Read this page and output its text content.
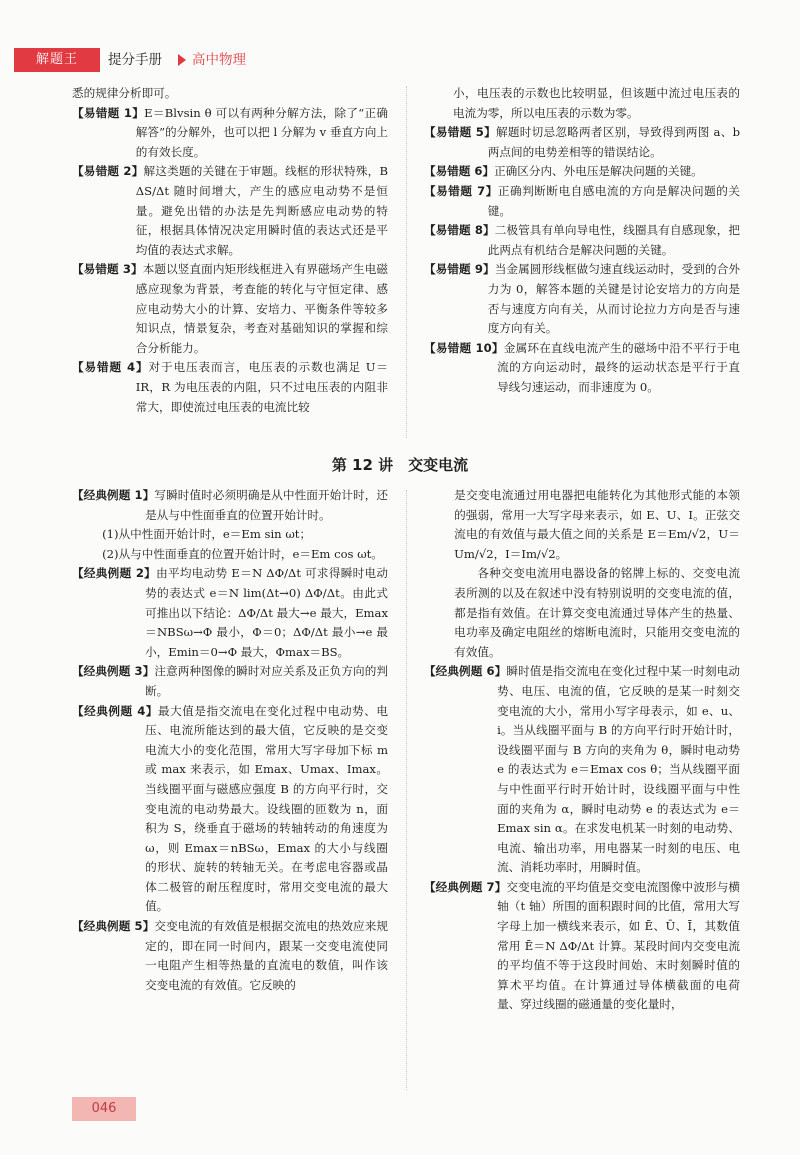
解题王	提分手册 高中物理

悉的规律分析即可。

【易错题 1】E＝Blvsin θ 可以有两种分解方法，除了“正确解答”的分解外，也可以把 l 分解为 v 垂直方向上的有效长度。

【易错题 2】解这类题的关键在于审题。线框的形状特殊，B ΔS/Δt 随时间增大，产生的感应电动势不是恒量。避免出错的办法是先判断感应电动势的特征，根据具体情况决定用瞬时值的表达式还是平均值的表达式求解。

【易错题 3】本题以竖直面内矩形线框进入有界磁场产生电磁感应现象为背景，考查能的转化与守恒定律、感应电动势大小的计算、安培力、平衡条件等较多知识点，情景复杂，考查对基础知识的掌握和综合分析能力。

【易错题 4】对于电压表而言，电压表的示数也满足 U＝IR，R 为电压表的内阻，只不过电压表的内阻非常大，即使流过电压表的电流比较

小，电压表的示数也比较明显，但该题中流过电压表的电流为零，所以电压表的示数为零。

【易错题 5】解题时切忌忽略两者区别，导致得到两图 a、b 两点间的电势差相等的错误结论。

【易错题 6】正确区分内、外电压是解决问题的关键。

【易错题 7】正确判断断电自感电流的方向是解决问题的关键。

【易错题 8】二极管具有单向导电性，线圈具有自感现象，把此两点有机结合是解决问题的关键。

【易错题 9】当金属圆形线框做匀速直线运动时，受到的合外力为 0，解答本题的关键是讨论安培力的方向是否与速度方向有关，从而讨论拉力方向是否与速度方向有关。

【易错题 10】金属环在直线电流产生的磁场中沿不平行于电流的方向运动时，最终的运动状态是平行于直导线匀速运动，而非速度为 0。

第 12 讲　交变电流

【经典例题 1】写瞬时值时必须明确是从中性面开始计时，还是从与中性面垂直的位置开始计时。

(1)从中性面开始计时，e＝Em sin ωt；

(2)从与中性面垂直的位置开始计时，e＝Em cos ωt。

【经典例题 2】由平均电动势 E＝N ΔΦ/Δt 可求得瞬时电动势的表达式 e＝N lim(Δt→0) ΔΦ/Δt。由此式可推出以下结论：ΔΦ/Δt 最大→e 最大，Emax＝NBSω→Φ 最小，Φ＝0；ΔΦ/Δt 最小→e 最小，Emin＝0→Φ 最大，Φmax＝BS。

【经典例题 3】注意两种图像的瞬时对应关系及正负方向的判断。

【经典例题 4】最大值是指交流电在变化过程中电动势、电压、电流所能达到的最大值，它反映的是交变电流大小的变化范围，常用大写字母加下标 m 或 max 来表示，如 Emax、Umax、Imax。当线圈平面与磁感应强度 B 的方向平行时，交变电流的电动势最大。设线圈的匝数为 n，面积为 S，绕垂直于磁场的转轴转动的角速度为 ω，则 Emax＝nBSω，Emax 的大小与线圈的形状、旋转的转轴无关。在考虑电容器或晶体二极管的耐压程度时，常用交变电流的最大值。

【经典例题 5】交变电流的有效值是根据交流电的热效应来规定的，即在同一时间内，跟某一交变电流使同一电阻产生相等热量的直流电的数值，叫作该交变电流的有效值。它反映的

是交变电流通过用电器把电能转化为其他形式能的本领的强弱，常用一大写字母来表示，如 E、U、I。正弦交流电的有效值与最大值之间的关系是 E＝Em/√2，U＝Um/√2，I＝Im/√2。

各种交变电流用电器设备的铭牌上标的、交变电流表所测的以及在叙述中没有特别说明的交变电流的值，都是指有效值。在计算交变电流通过导体产生的热量、电功率及确定电阻丝的熔断电流时，只能用交变电流的有效值。

【经典例题 6】瞬时值是指交流电在变化过程中某一时刻电动势、电压、电流的值，它反映的是某一时刻交变电流的大小，常用小写字母表示，如 e、u、i。当从线圈平面与 B 的方向平行时开始计时，设线圈平面与 B 方向的夹角为 θ，瞬时电动势 e 的表达式为 e＝Emax cos θ；当从线圈平面与中性面平行时开始计时，设线圈平面与中性面的夹角为 α，瞬时电动势 e 的表达式为 e＝Emax sin α。在求发电机某一时刻的电动势、电流、输出功率，用电器某一时刻的电压、电流、消耗功率时，用瞬时值。

【经典例题 7】交变电流的平均值是交变电流图像中波形与横轴（t 轴）所围的面积跟时间的比值，常用大写字母上加一横线来表示，如 Ē、Ū、Ī，其数值常用 Ē＝N ΔΦ/Δt 计算。某段时间内交变电流的平均值不等于这段时间始、末时刻瞬时值的算术平均值。在计算通过导体横截面的电荷量、穿过线圈的磁通量的变化量时，

046
